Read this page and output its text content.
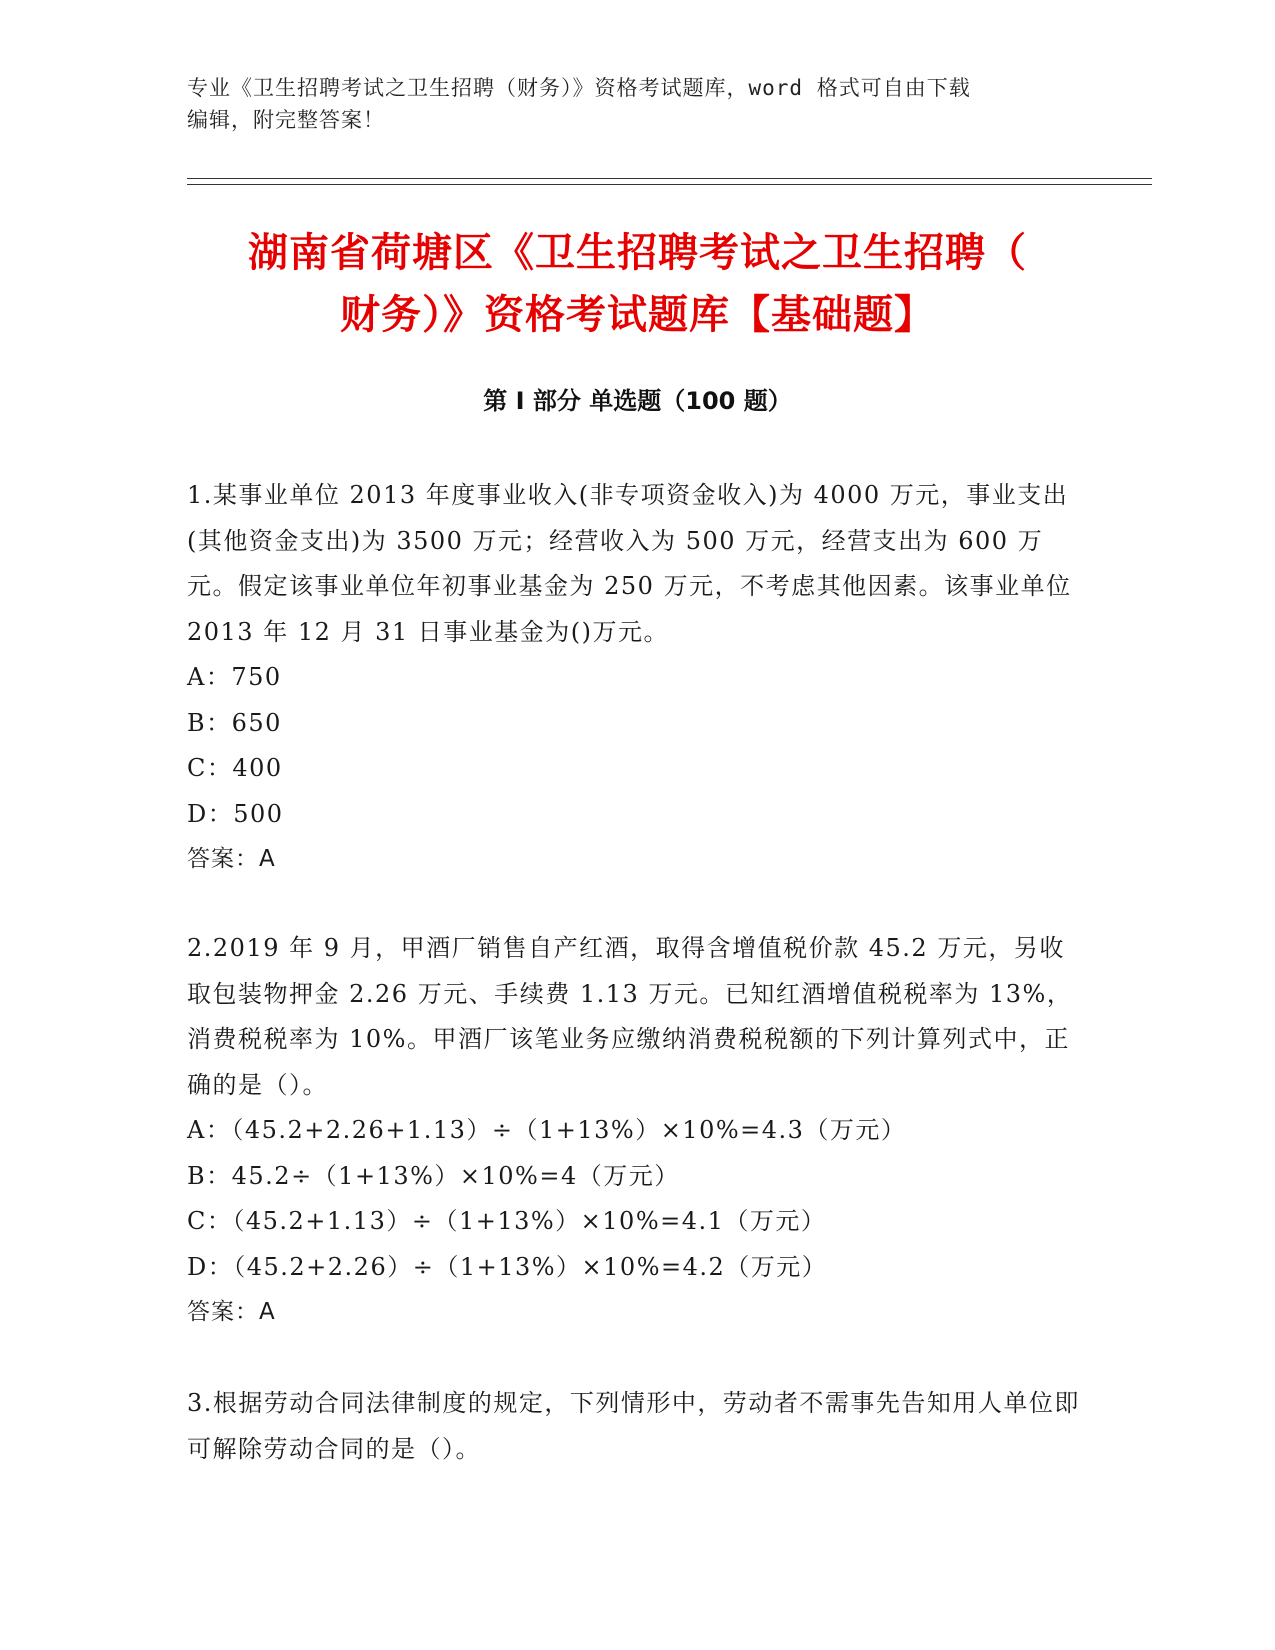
专业《卫生招聘考试之卫生招聘（财务）》资格考试题库，word 格式可自由下载
编辑，附完整答案！
湖南省荷塘区《卫生招聘考试之卫生招聘（
财务）》资格考试题库【基础题】
第 I 部分 单选题（100 题）

1.某事业单位 2013 年度事业收入(非专项资金收入)为 4000 万元，事业支出(其他资金支出)为 3500 万元；经营收入为 500 万元，经营支出为 600 万元。假定该事业单位年初事业基金为 250 万元，不考虑其他因素。该事业单位 2013 年 12 月 31 日事业基金为()万元。

A：750
B：650
C：400
D：500

答案：A

2.2019 年 9 月，甲酒厂销售自产红酒，取得含增值税价款 45.2 万元，另收取包装物押金 2.26 万元、手续费 1.13 万元。已知红酒增值税税率为 13%，消费税税率为 10%。甲酒厂该笔业务应缴纳消费税税额的下列计算列式中，正确的是（）。

A：（45.2+2.26+1.13）÷（1+13%）×10%=4.3（万元）
B：45.2÷（1+13%）×10%=4（万元）
C：（45.2+1.13）÷（1+13%）×10%=4.1（万元）
D：（45.2+2.26）÷（1+13%）×10%=4.2（万元）

答案：A

3.根据劳动合同法律制度的规定，下列情形中，劳动者不需事先告知用人单位即可解除劳动合同的是（）。
